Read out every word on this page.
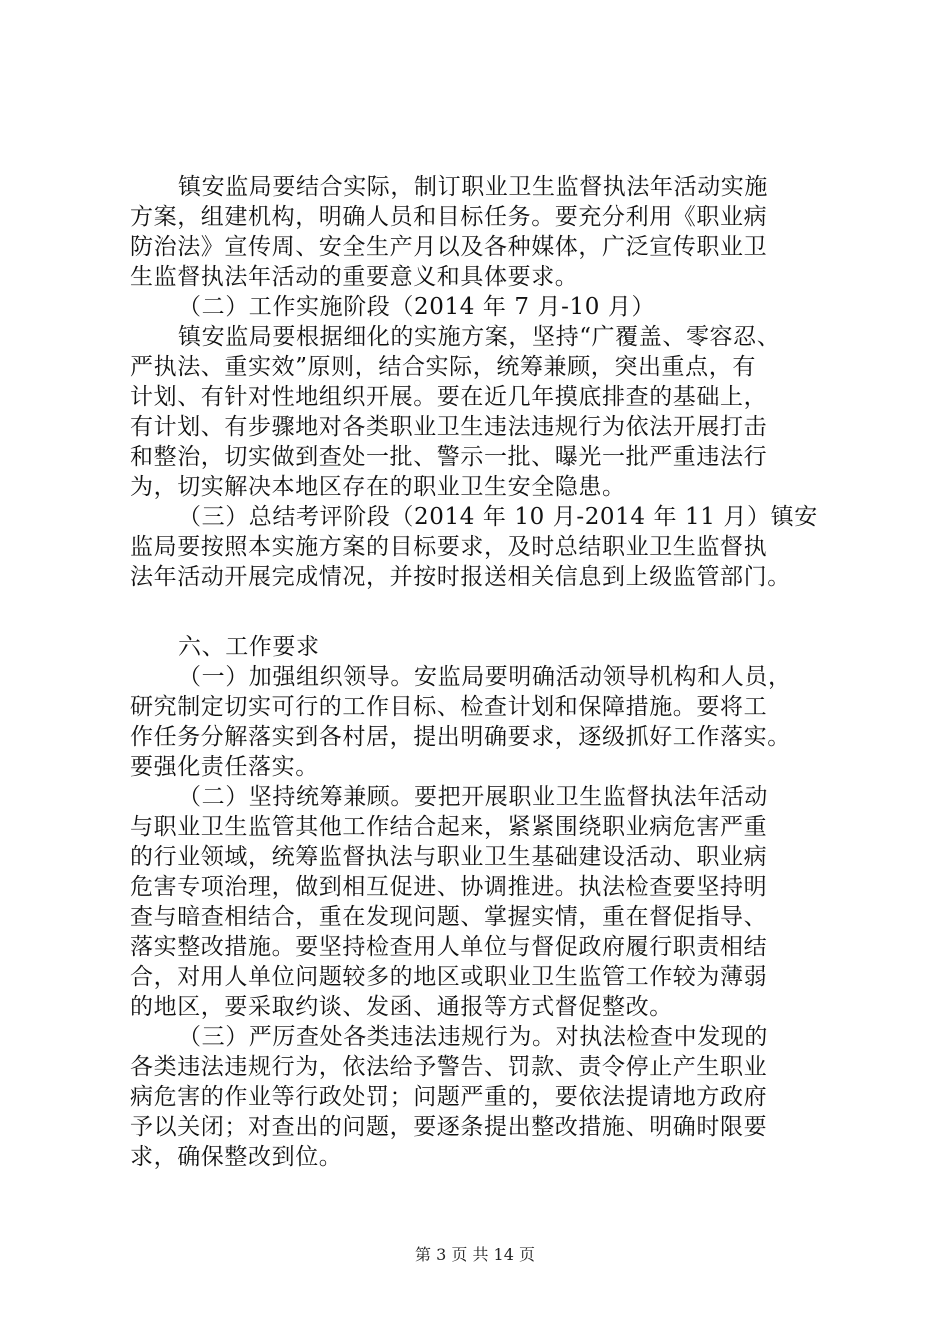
镇安监局要结合实际，制订职业卫生监督执法年活动实施
方案，组建机构，明确人员和目标任务。要充分利用《职业病
防治法》宣传周、安全生产月以及各种媒体，广泛宣传职业卫
生监督执法年活动的重要意义和具体要求。
（二）工作实施阶段（2014 年 7 月-10 月）
镇安监局要根据细化的实施方案，坚持“广覆盖、零容忍、
严执法、重实效”原则，结合实际，统筹兼顾，突出重点，有
计划、有针对性地组织开展。要在近几年摸底排查的基础上，
有计划、有步骤地对各类职业卫生违法违规行为依法开展打击
和整治，切实做到查处一批、警示一批、曝光一批严重违法行
为，切实解决本地区存在的职业卫生安全隐患。
（三）总结考评阶段（2014 年 10 月-2014 年 11 月）镇安
监局要按照本实施方案的目标要求，及时总结职业卫生监督执
法年活动开展完成情况，并按时报送相关信息到上级监管部门。
六、工作要求
（一）加强组织领导。安监局要明确活动领导机构和人员，
研究制定切实可行的工作目标、检查计划和保障措施。要将工
作任务分解落实到各村居，提出明确要求，逐级抓好工作落实。
要强化责任落实。
（二）坚持统筹兼顾。要把开展职业卫生监督执法年活动
与职业卫生监管其他工作结合起来，紧紧围绕职业病危害严重
的行业领域，统筹监督执法与职业卫生基础建设活动、职业病
危害专项治理，做到相互促进、协调推进。执法检查要坚持明
查与暗查相结合，重在发现问题、掌握实情，重在督促指导、
落实整改措施。要坚持检查用人单位与督促政府履行职责相结
合，对用人单位问题较多的地区或职业卫生监管工作较为薄弱
的地区，要采取约谈、发函、通报等方式督促整改。
（三）严厉查处各类违法违规行为。对执法检查中发现的
各类违法违规行为，依法给予警告、罚款、责令停止产生职业
病危害的作业等行政处罚；问题严重的，要依法提请地方政府
予以关闭；对查出的问题，要逐条提出整改措施、明确时限要
求，确保整改到位。
第 3 页 共 14 页
